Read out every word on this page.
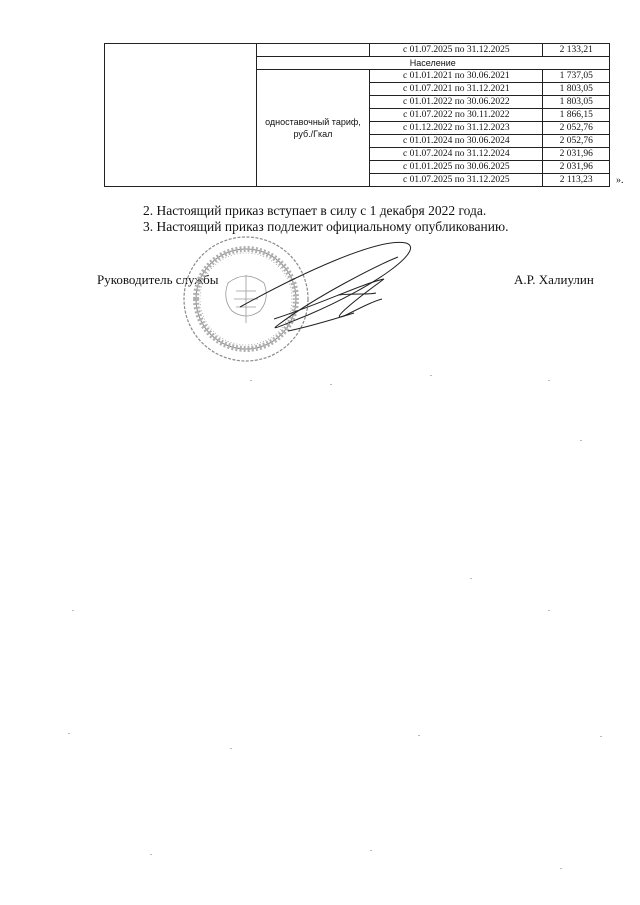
		с 01.07.2025 по 31.12.2025	2 133,21
	Население		
	одноставочный тариф, руб./Гкал	с 01.01.2021 по 30.06.2021	1 737,05
		с 01.07.2021 по 31.12.2021	1 803,05
		с 01.01.2022 по 30.06.2022	1 803,05
		с 01.07.2022 по 30.11.2022	1 866,15
		с 01.12.2022 по 31.12.2023	2 052,76
		с 01.01.2024 по 30.06.2024	2 052,76
		с 01.07.2024 по 31.12.2024	2 031,96
		с 01.01.2025 по 30.06.2025	2 031,96
		с 01.07.2025 по 31.12.2025	2 113,23 ».
2. Настоящий приказ вступает в силу с 1 декабря 2022 года.
3. Настоящий приказ подлежит официальному опубликованию.
Руководитель службы	А.Р. Халиулин
